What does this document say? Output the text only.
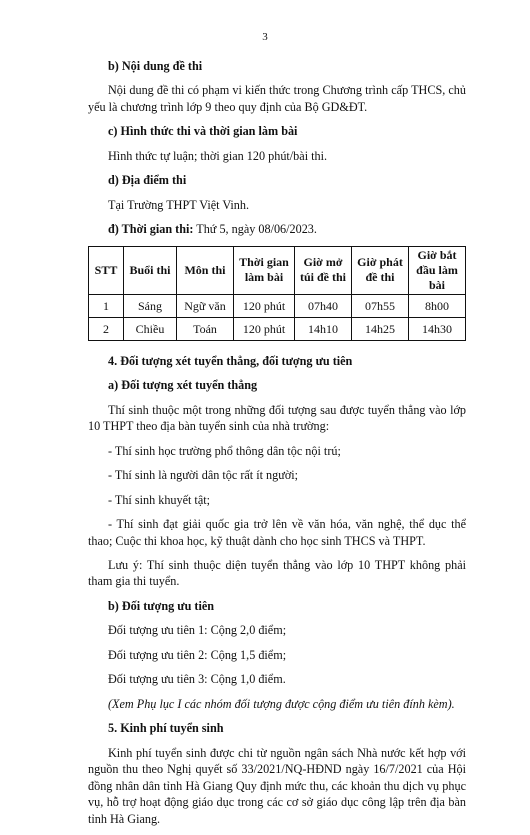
3

b) Nội dung đề thi

Nội dung đề thi có phạm vi kiến thức trong Chương trình cấp THCS, chủ yếu là chương trình lớp 9 theo quy định của Bộ GD&ĐT.

c) Hình thức thi và thời gian làm bài

Hình thức tự luận; thời gian 120 phút/bài thi.

d) Địa điểm thi

Tại Trường THPT Việt Vinh.

đ) Thời gian thi: Thứ 5, ngày 08/06/2023.

STT	Buổi thi	Môn thi	Thời gian làm bài	Giờ mở túi đề thi	Giờ phát đề thi	Giờ bắt đầu làm bài
1	Sáng	Ngữ văn	120 phút	07h40	07h55	8h00
2	Chiều	Toán	120 phút	14h10	14h25	14h30

4. Đối tượng xét tuyển thẳng, đối tượng ưu tiên

a) Đối tượng xét tuyển thẳng

Thí sinh thuộc một trong những đối tượng sau được tuyển thẳng vào lớp 10 THPT theo địa bàn tuyển sinh của nhà trường:

- Thí sinh học trường phổ thông dân tộc nội trú;

- Thí sinh là người dân tộc rất ít người;

- Thí sinh khuyết tật;

- Thí sinh đạt giải quốc gia trở lên về văn hóa, văn nghệ, thể dục thể thao; Cuộc thi khoa học, kỹ thuật dành cho học sinh THCS và THPT.

Lưu ý: Thí sinh thuộc diện tuyển thẳng vào lớp 10 THPT không phải tham gia thi tuyển.

b) Đối tượng ưu tiên

Đối tượng ưu tiên 1: Cộng 2,0 điểm;

Đối tượng ưu tiên 2: Cộng 1,5 điểm;

Đối tượng ưu tiên 3: Cộng 1,0 điểm.

(Xem Phụ lục I các nhóm đối tượng được cộng điểm ưu tiên đính kèm).

5. Kinh phí tuyển sinh

Kinh phí tuyển sinh được chi từ nguồn ngân sách Nhà nước kết hợp với nguồn thu theo Nghị quyết số 33/2021/NQ-HĐND ngày 16/7/2021 của Hội đồng nhân dân tỉnh Hà Giang Quy định mức thu, các khoản thu dịch vụ phục vụ, hỗ trợ hoạt động giáo dục trong các cơ sở giáo dục công lập trên địa bàn tỉnh Hà Giang.
